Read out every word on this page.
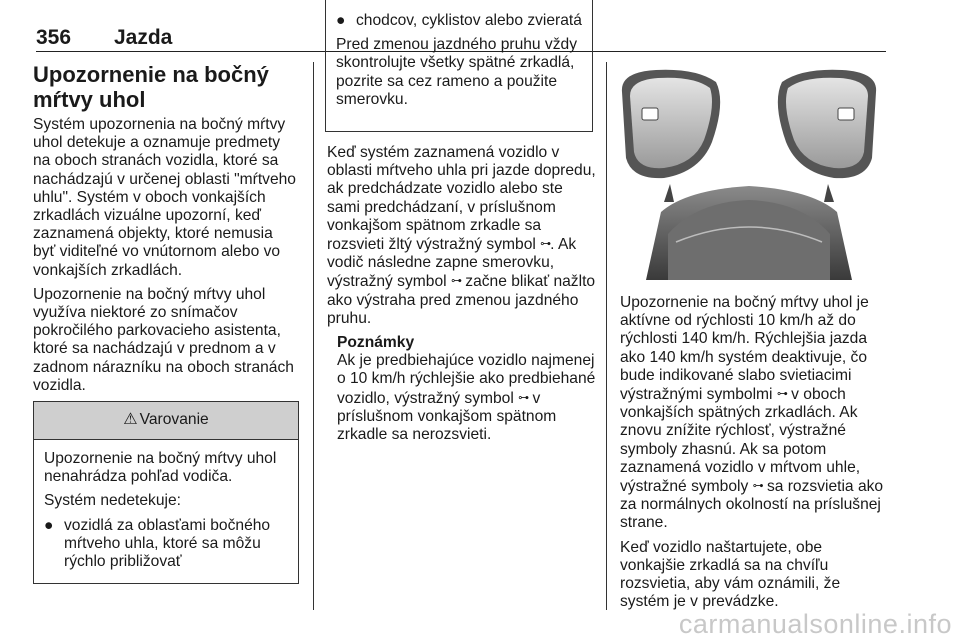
356 Jazda
Upozornenie na bočný mŕtvy uhol

Systém upozornenia na bočný mŕtvy uhol detekuje a oznamuje predmety na oboch stranách vozidla, ktoré sa nachádzajú v určenej oblasti "mŕtveho uhlu". Systém v oboch vonkajších zrkadlách vizuálne upozorní, keď zaznamená objekty, ktoré nemusia byť viditeľné vo vnútornom alebo vo vonkajších zrkadlách.

Upozornenie na bočný mŕtvy uhol využíva niektoré zo snímačov pokročilého parkovacieho asistenta, ktoré sa nachádzajú v prednom a v zadnom nárazníku na oboch stranách vozidla.

⚠ Varovanie

Upozornenie na bočný mŕtvy uhol nenahrádza pohľad vodiča.

Systém nedetekuje:

● vozidlá za oblasťami bočného mŕtveho uhla, ktoré sa môžu rýchlo približovať
● chodcov, cyklistov alebo zvieratá

Pred zmenou jazdného pruhu vždy skontrolujte všetky spätné zrkadlá, pozrite sa cez rameno a použite smerovku.

Keď systém zaznamená vozidlo v oblasti mŕtveho uhla pri jazde dopredu, ak predchádzate vozidlo alebo ste sami predchádzaní, v príslušnom vonkajšom spätnom zrkadle sa rozsvieti žltý výstražný symbol ⊶. Ak vodič následne zapne smerovku, výstražný symbol ⊶ začne blikať nažlto ako výstraha pred zmenou jazdného pruhu.

Poznámky

Ak je predbiehajúce vozidlo najmenej o 10 km/h rýchlejšie ako predbiehané vozidlo, výstražný symbol ⊶ v príslušnom vonkajšom spätnom zrkadle sa nerozsvieti.

Upozornenie na bočný mŕtvy uhol je aktívne od rýchlosti 10 km/h až do rýchlosti 140 km/h. Rýchlejšia jazda ako 140 km/h systém deaktivuje, čo bude indikované slabo svietiacimi výstražnými symbolmi ⊶ v oboch vonkajších spätných zrkadlách. Ak znovu znížite rýchlosť, výstražné symboly zhasnú. Ak sa potom zaznamená vozidlo v mŕtvom uhle, výstražné symboly ⊶ sa rozsvietia ako za normálnych okolností na príslušnej strane.

Keď vozidlo naštartujete, obe vonkajšie zrkadlá sa na chvíľu rozsvietia, aby vám oznámili, že systém je v prevádzke.

carmanualsonline.info
